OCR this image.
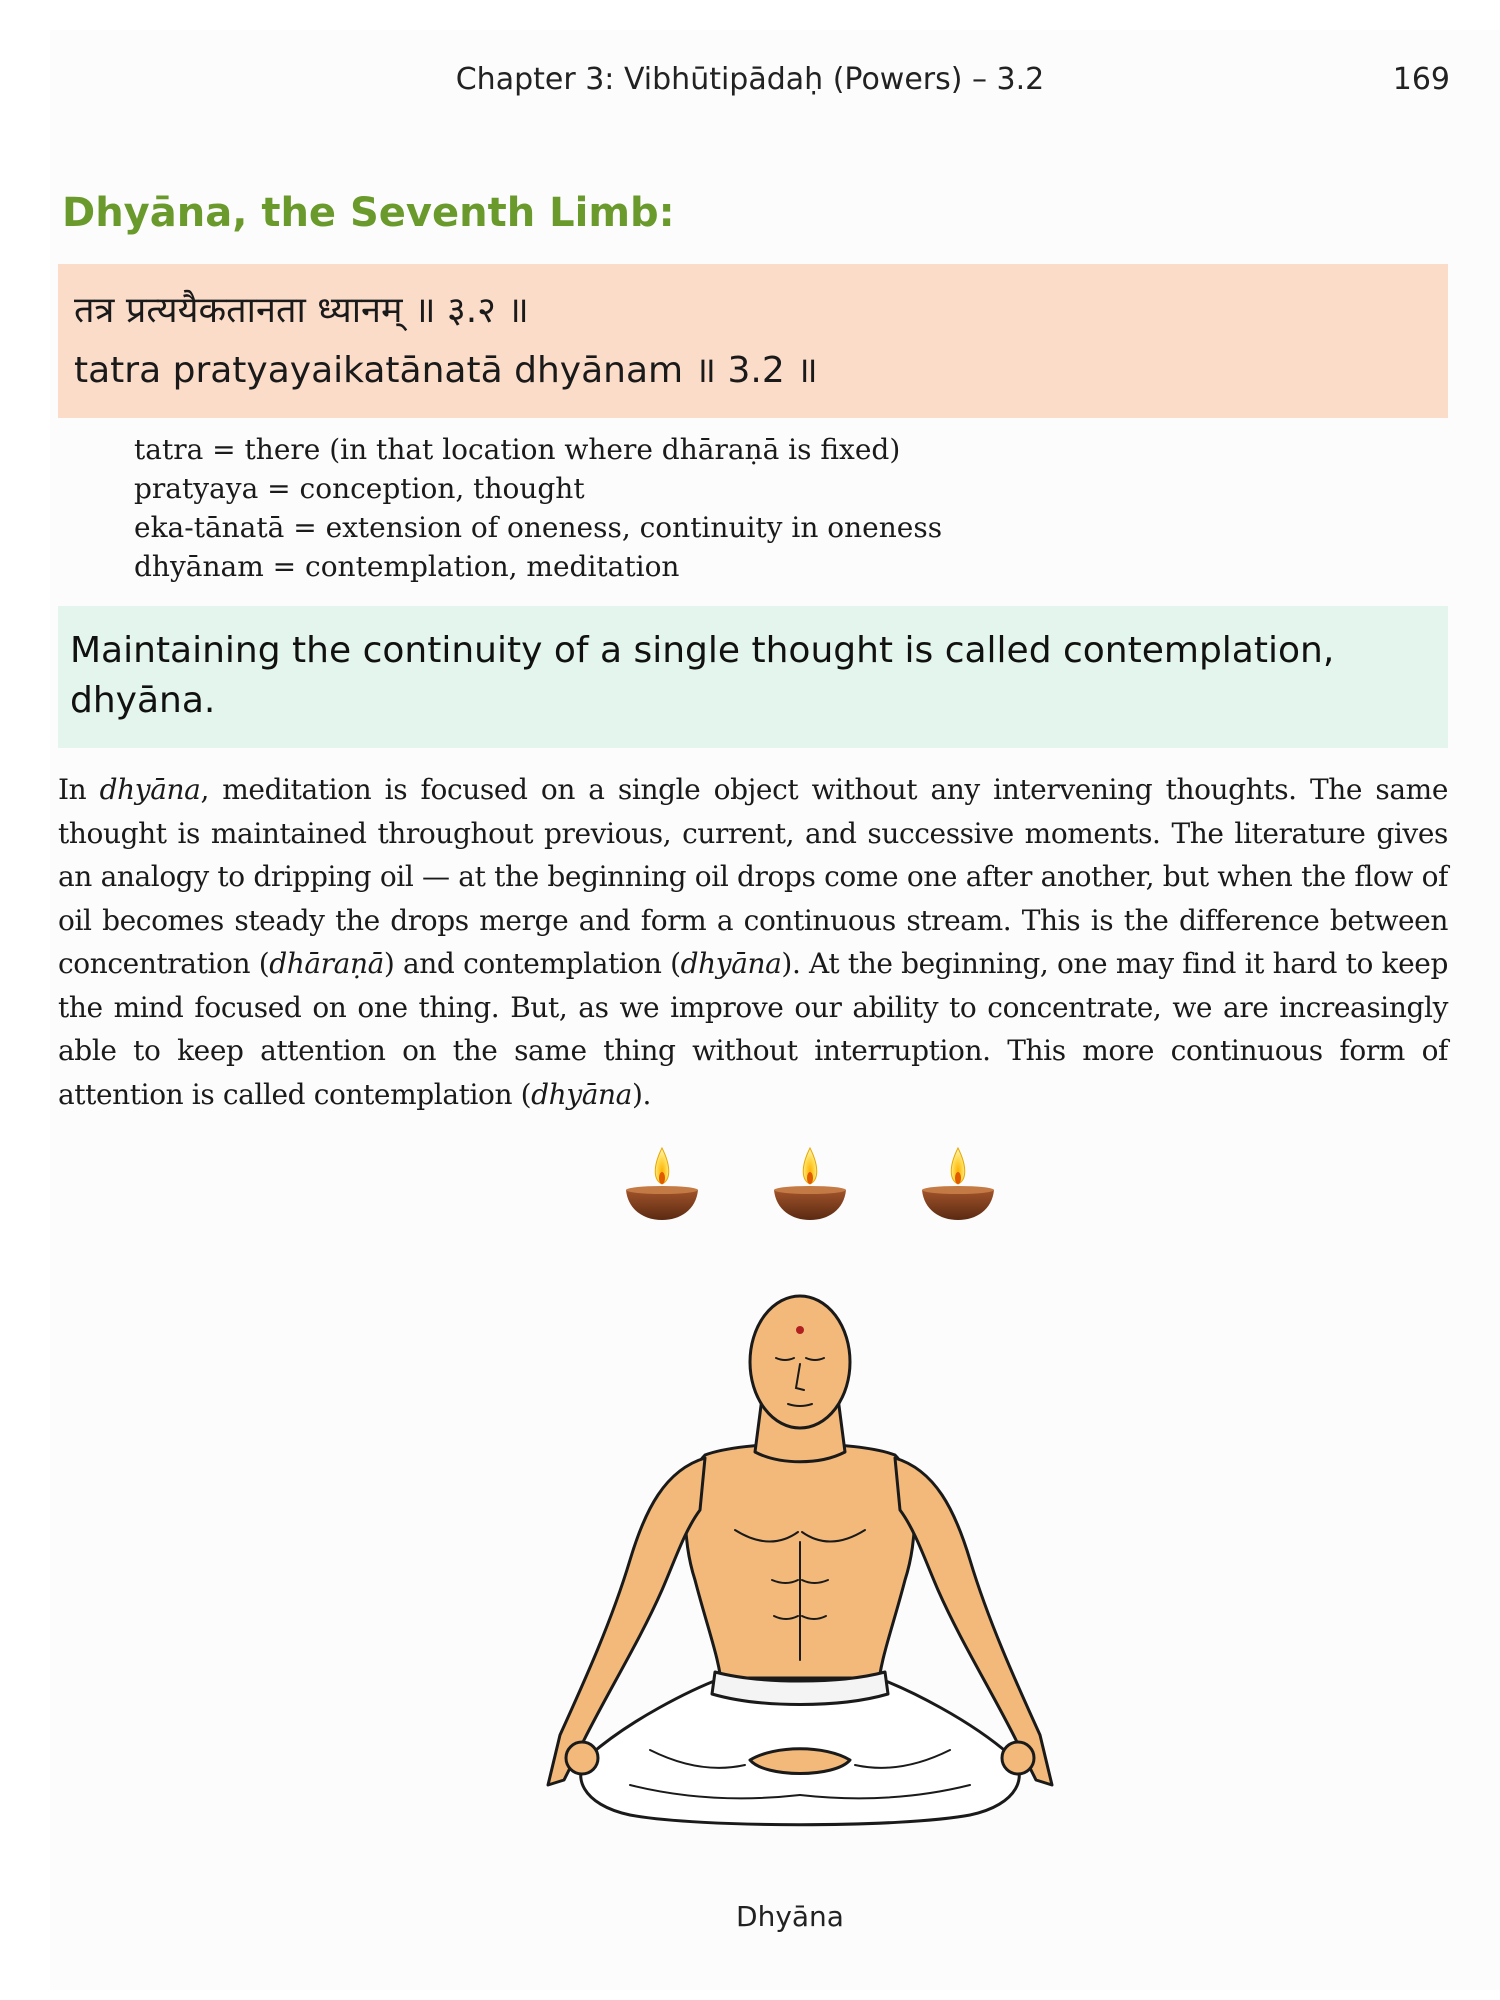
Chapter 3: Vibhūtipādaḥ (Powers) – 3.2	169
Dhyāna, the Seventh Limb:
तत्र प्रत्ययैकतानता ध्यानम् ॥ ३.२ ॥
tatra pratyayaikatānatā dhyānam ॥ 3.2 ॥
tatra = there (in that location where dhāraṇā is fixed)
pratyaya = conception, thought
eka-tānatā = extension of oneness, continuity in oneness
dhyānam = contemplation, meditation

Maintaining the continuity of a single thought is called contemplation, dhyāna.

In dhyāna, meditation is focused on a single object without any intervening thoughts. The same thought is maintained throughout previous, current, and successive moments. The literature gives an analogy to dripping oil — at the beginning oil drops come one after another, but when the flow of oil becomes steady the drops merge and form a continuous stream. This is the difference between concentration (dhāraṇā) and contemplation (dhyāna). At the beginning, one may find it hard to keep the mind focused on one thing. But, as we improve our ability to concentrate, we are increasingly able to keep attention on the same thing without interruption. This more continuous form of attention is called contemplation (dhyāna).

Dhyāna
